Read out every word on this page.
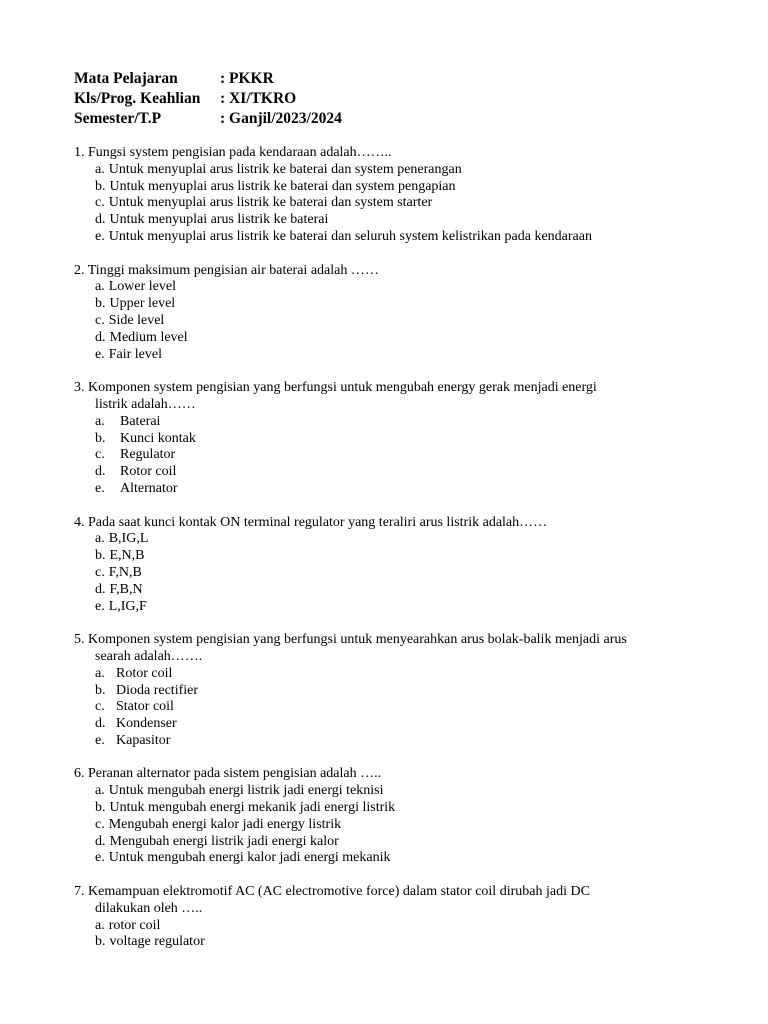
Mata Pelajaran	: PKKR
Kls/Prog. Keahlian	: XI/TKRO
Semester/T.P	: Ganjil/2023/2024
1. Fungsi system pengisian pada kendaraan adalah……..
a. Untuk menyuplai arus listrik ke baterai dan system penerangan
b. Untuk menyuplai arus listrik ke baterai dan system pengapian
c. Untuk menyuplai arus listrik ke baterai dan system starter
d. Untuk menyuplai arus listrik ke baterai
e. Untuk menyuplai arus listrik ke baterai dan seluruh system kelistrikan pada kendaraan
2. Tinggi maksimum pengisian air baterai adalah ……
a. Lower level
b. Upper level
c. Side level
d. Medium level
e. Fair level
3. Komponen system pengisian yang berfungsi untuk mengubah energy gerak menjadi energi
listrik adalah……
a.	Baterai
b.	Kunci kontak
c.	Regulator
d.	Rotor coil
e.	Alternator
4. Pada saat kunci kontak ON terminal regulator yang teraliri arus listrik adalah……
a. B,IG,L
b. E,N,B
c. F,N,B
d. F,B,N
e. L,IG,F
5. Komponen system pengisian yang berfungsi untuk menyearahkan arus bolak-balik menjadi arus
searah adalah…….
a. Rotor coil
b. Dioda rectifier
c. Stator coil
d. Kondenser
e. Kapasitor
6. Peranan alternator pada sistem pengisian adalah …..
a. Untuk mengubah energi listrik jadi energi teknisi
b. Untuk mengubah energi mekanik jadi energi listrik
c. Mengubah energi kalor jadi energy listrik
d. Mengubah energi listrik jadi energi kalor
e. Untuk mengubah energi kalor jadi energi mekanik
7. Kemampuan elektromotif AC (AC electromotive force) dalam stator coil dirubah jadi DC
dilakukan oleh …..
a. rotor coil
b. voltage regulator
